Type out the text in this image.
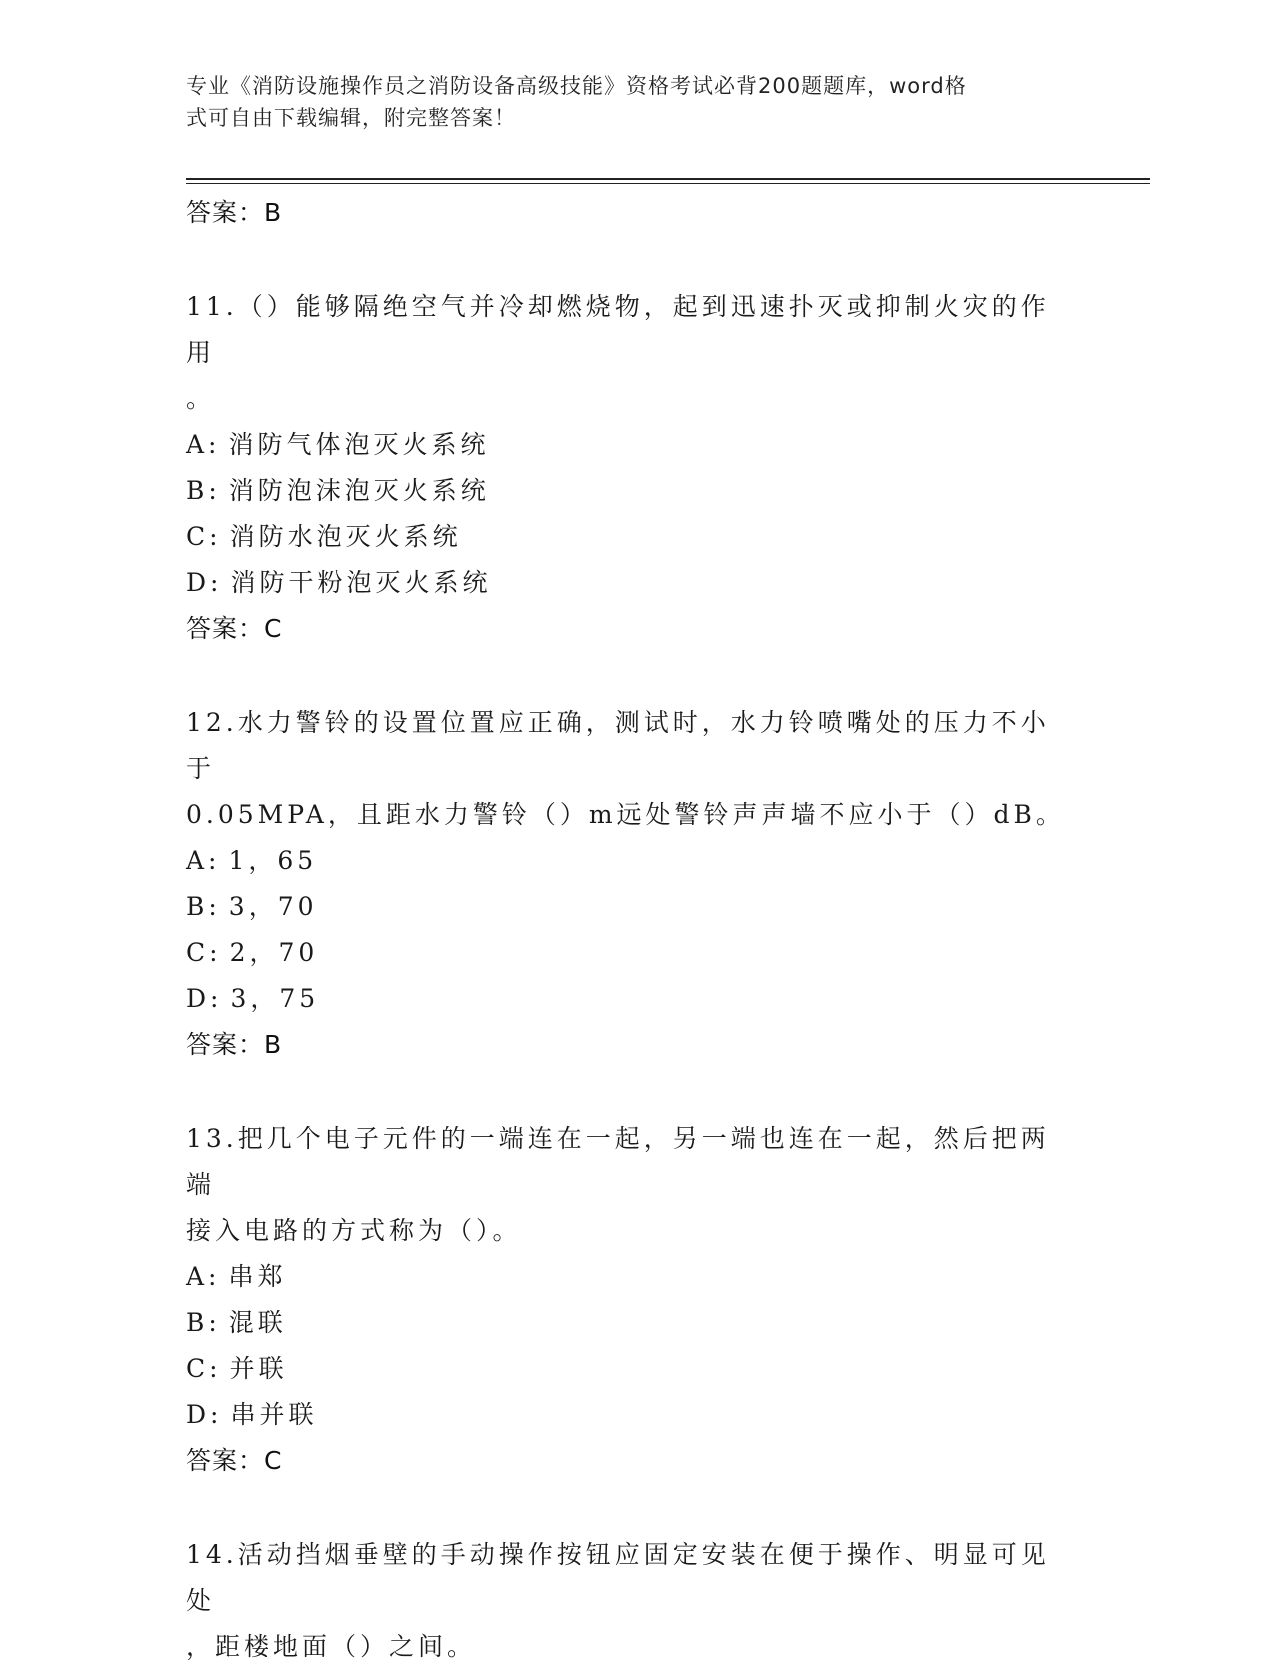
专业《消防设施操作员之消防设备高级技能》资格考试必背200题题库，word格
式可自由下载编辑，附完整答案！
答案：B
11.（）能够隔绝空气并冷却燃烧物，起到迅速扑灭或抑制火灾的作用
。
A: 消防气体泡灭火系统
B: 消防泡沫泡灭火系统
C: 消防水泡灭火系统
D: 消防干粉泡灭火系统
答案：C
12.水力警铃的设置位置应正确，测试时，水力铃喷嘴处的压力不小于
0.05MPA，且距水力警铃（）m远处警铃声声墙不应小于（）dB。
A: 1，65
B: 3，70
C: 2，70
D: 3，75
答案：B
13.把几个电子元件的一端连在一起，另一端也连在一起，然后把两端
接入电路的方式称为（）。
A: 串郑
B: 混联
C: 并联
D: 串并联
答案：C
14.活动挡烟垂壁的手动操作按钮应固定安装在便于操作、明显可见处
，距楼地面（）之间。
